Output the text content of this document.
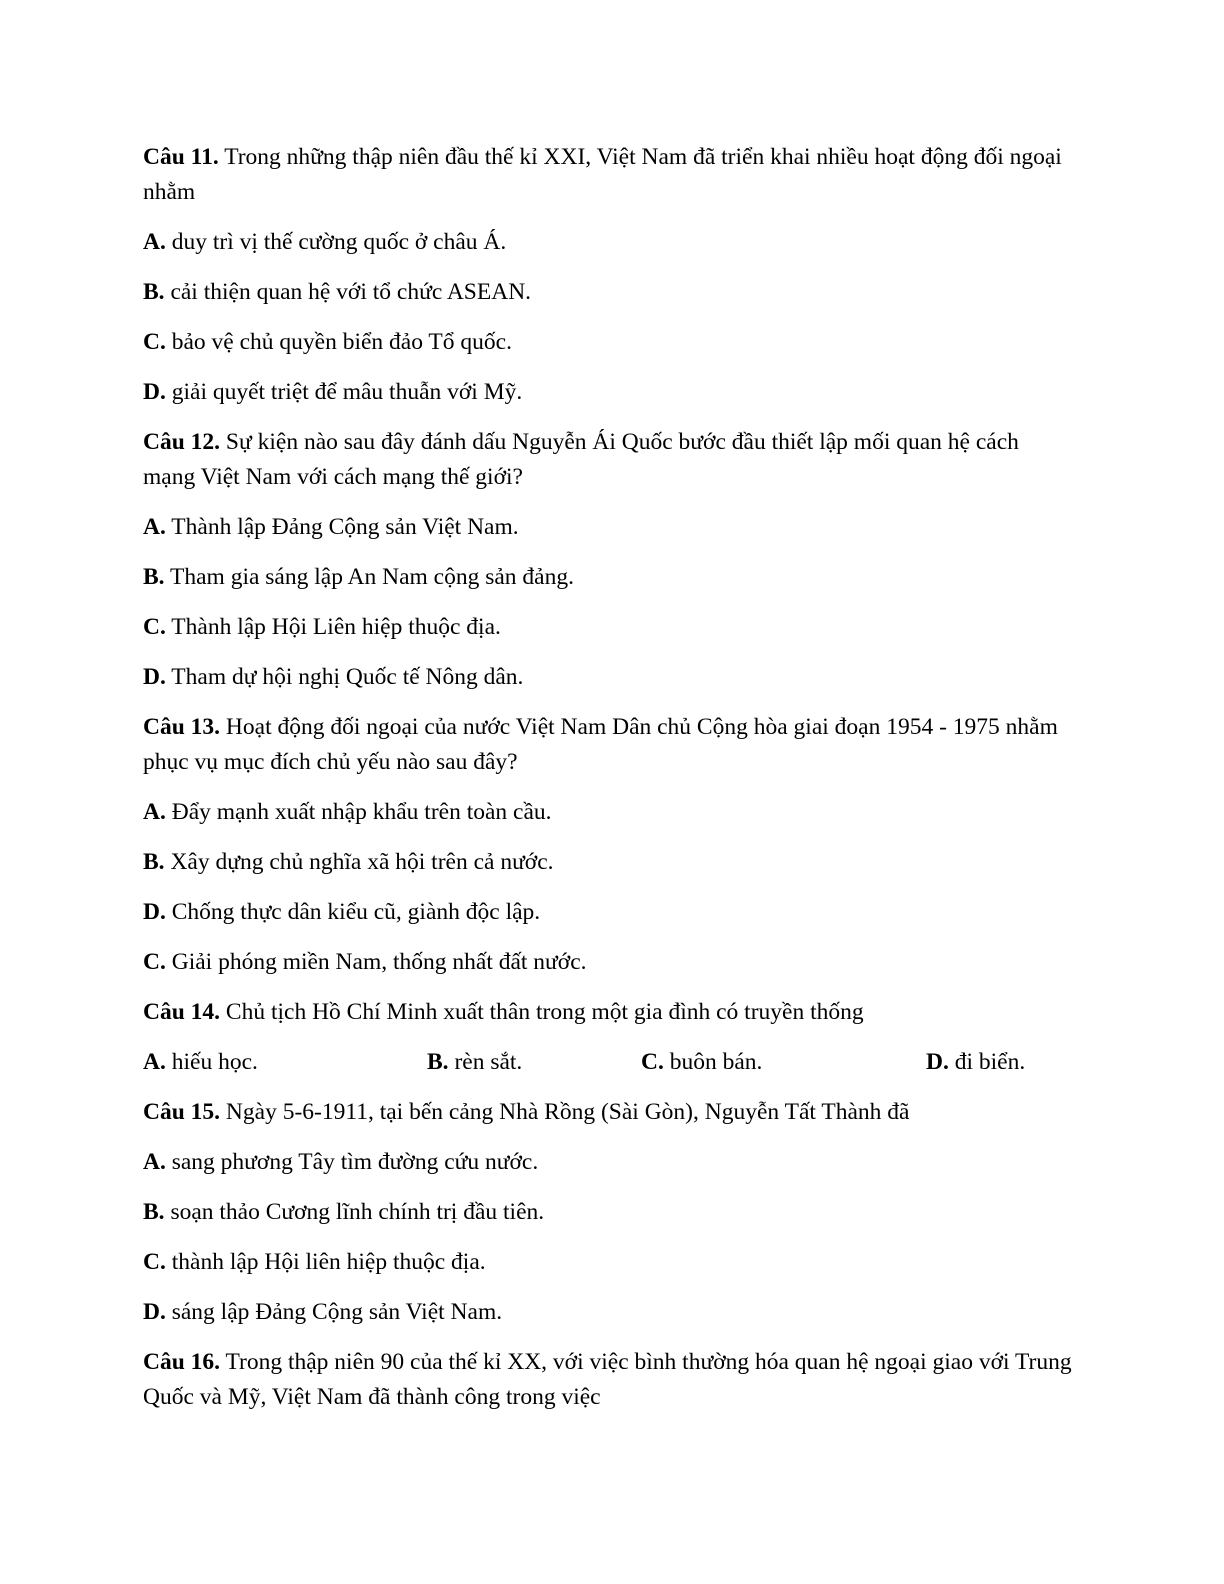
Câu 11. Trong những thập niên đầu thế kỉ XXI, Việt Nam đã triển khai nhiều hoạt động đối ngoại nhằm
A. duy trì vị thế cường quốc ở châu Á.
B. cải thiện quan hệ với tổ chức ASEAN.
C. bảo vệ chủ quyền biển đảo Tổ quốc.
D. giải quyết triệt để mâu thuẫn với Mỹ.
Câu 12. Sự kiện nào sau đây đánh dấu Nguyễn Ái Quốc bước đầu thiết lập mối quan hệ cách mạng Việt Nam với cách mạng thế giới?
A. Thành lập Đảng Cộng sản Việt Nam.
B. Tham gia sáng lập An Nam cộng sản đảng.
C. Thành lập Hội Liên hiệp thuộc địa.
D. Tham dự hội nghị Quốc tế Nông dân.
Câu 13. Hoạt động đối ngoại của nước Việt Nam Dân chủ Cộng hòa giai đoạn 1954 - 1975 nhằm phục vụ mục đích chủ yếu nào sau đây?
A. Đẩy mạnh xuất nhập khẩu trên toàn cầu.
B. Xây dựng chủ nghĩa xã hội trên cả nước.
D. Chống thực dân kiểu cũ, giành độc lập.
C. Giải phóng miền Nam, thống nhất đất nước.
Câu 14. Chủ tịch Hồ Chí Minh xuất thân trong một gia đình có truyền thống
A. hiếu học.	B. rèn sắt.	C. buôn bán.	D. đi biển.
Câu 15. Ngày 5-6-1911, tại bến cảng Nhà Rồng (Sài Gòn), Nguyễn Tất Thành đã
A. sang phương Tây tìm đường cứu nước.
B. soạn thảo Cương lĩnh chính trị đầu tiên.
C. thành lập Hội liên hiệp thuộc địa.
D. sáng lập Đảng Cộng sản Việt Nam.
Câu 16. Trong thập niên 90 của thế kỉ XX, với việc bình thường hóa quan hệ ngoại giao với Trung Quốc và Mỹ, Việt Nam đã thành công trong việc
